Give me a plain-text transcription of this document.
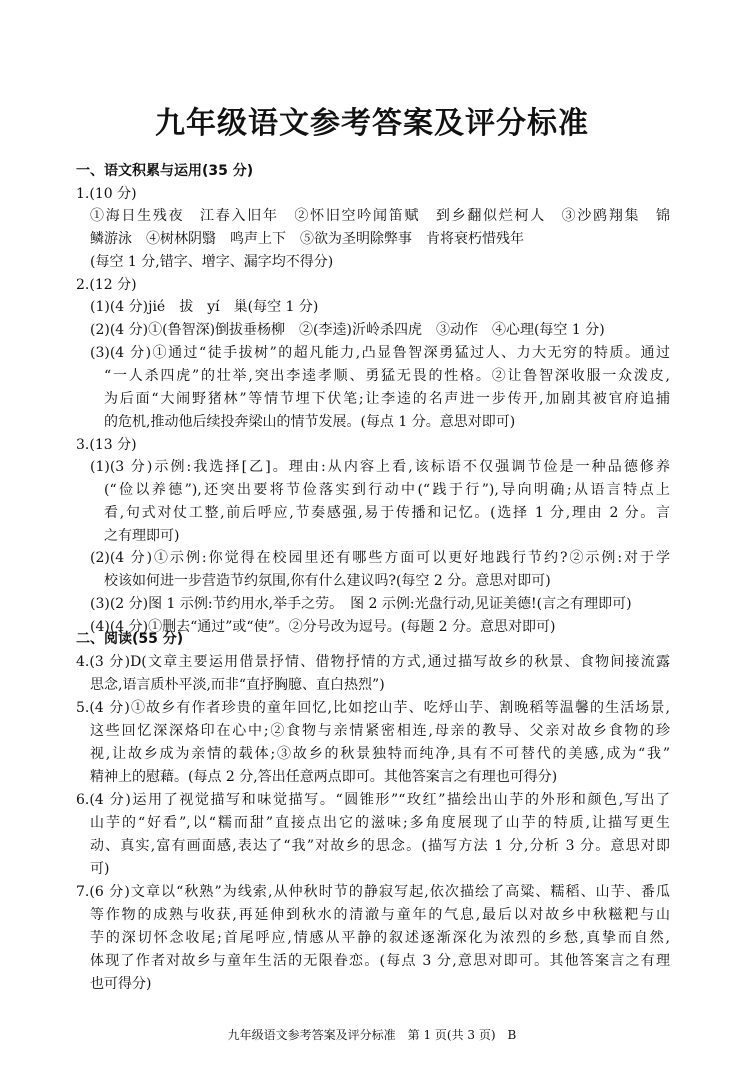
九年级语文参考答案及评分标准
一、语文积累与运用(35 分)
二、阅读(55 分)
1.(10 分)
①海日生残夜　江春入旧年　②怀旧空吟闻笛赋　到乡翻似烂柯人　③沙鸥翔集　锦
鳞游泳　④树林阴翳　鸣声上下　⑤欲为圣明除弊事　肯将衰朽惜残年
(每空 1 分,错字、增字、漏字均不得分)
2.(12 分)
(1)(4 分)jié　拔　yí　巢(每空 1 分)
(2)(4 分)①(鲁智深)倒拔垂杨柳　②(李逵)沂岭杀四虎　③动作　④心理(每空 1 分)
(3)(4 分)①通过“徒手拔树”的超凡能力,凸显鲁智深勇猛过人、力大无穷的特质。通过
“一人杀四虎”的壮举,突出李逵孝顺、勇猛无畏的性格。②让鲁智深收服一众泼皮,
为后面“大闹野猪林”等情节埋下伏笔;让李逵的名声进一步传开,加剧其被官府追捕
的危机,推动他后续投奔梁山的情节发展。(每点 1 分。意思对即可)
3.(13 分)
(1)(3 分)示例:我选择[乙]。理由:从内容上看,该标语不仅强调节俭是一种品德修养
(“俭以养德”),还突出要将节俭落实到行动中(“践于行”),导向明确;从语言特点上
看,句式对仗工整,前后呼应,节奏感强,易于传播和记忆。(选择 1 分,理由 2 分。言
之有理即可)
(2)(4 分)①示例:你觉得在校园里还有哪些方面可以更好地践行节约?②示例:对于学
校该如何进一步营造节约氛围,你有什么建议吗?(每空 2 分。意思对即可)
(3)(2 分)图 1 示例:节约用水,举手之劳。　图 2 示例:光盘行动,见证美德!(言之有理即可)
(4)(4 分)①删去“通过”或“使”。②分号改为逗号。(每题 2 分。意思对即可)
4.(3 分)D(文章主要运用借景抒情、借物抒情的方式,通过描写故乡的秋景、食物间接流露
思念,语言质朴平淡,而非“直抒胸臆、直白热烈”)
5.(4 分)①故乡有作者珍贵的童年回忆,比如挖山芋、吃烀山芋、割晚稻等温馨的生活场景,
这些回忆深深烙印在心中;②食物与亲情紧密相连,母亲的教导、父亲对故乡食物的珍
视,让故乡成为亲情的载体;③故乡的秋景独特而纯净,具有不可替代的美感,成为“我”
精神上的慰藉。(每点 2 分,答出任意两点即可。其他答案言之有理也可得分)
6.(4 分)运用了视觉描写和味觉描写。“圆锥形”“玫红”描绘出山芋的外形和颜色,写出了
山芋的“好看”,以“糯而甜”直接点出它的滋味;多角度展现了山芋的特质,让描写更生
动、真实,富有画面感,表达了“我”对故乡的思念。(描写方法 1 分,分析 3 分。意思对即
可)
7.(6 分)文章以“秋熟”为线索,从仲秋时节的静寂写起,依次描绘了高粱、糯稻、山芋、番瓜
等作物的成熟与收获,再延伸到秋水的清澈与童年的气息,最后以对故乡中秋糍粑与山
芋的深切怀念收尾;首尾呼应,情感从平静的叙述逐渐深化为浓烈的乡愁,真挚而自然,
体现了作者对故乡与童年生活的无限眷恋。(每点 3 分,意思对即可。其他答案言之有理
也可得分)
九年级语文参考答案及评分标准　第 1 页(共 3 页)　B
